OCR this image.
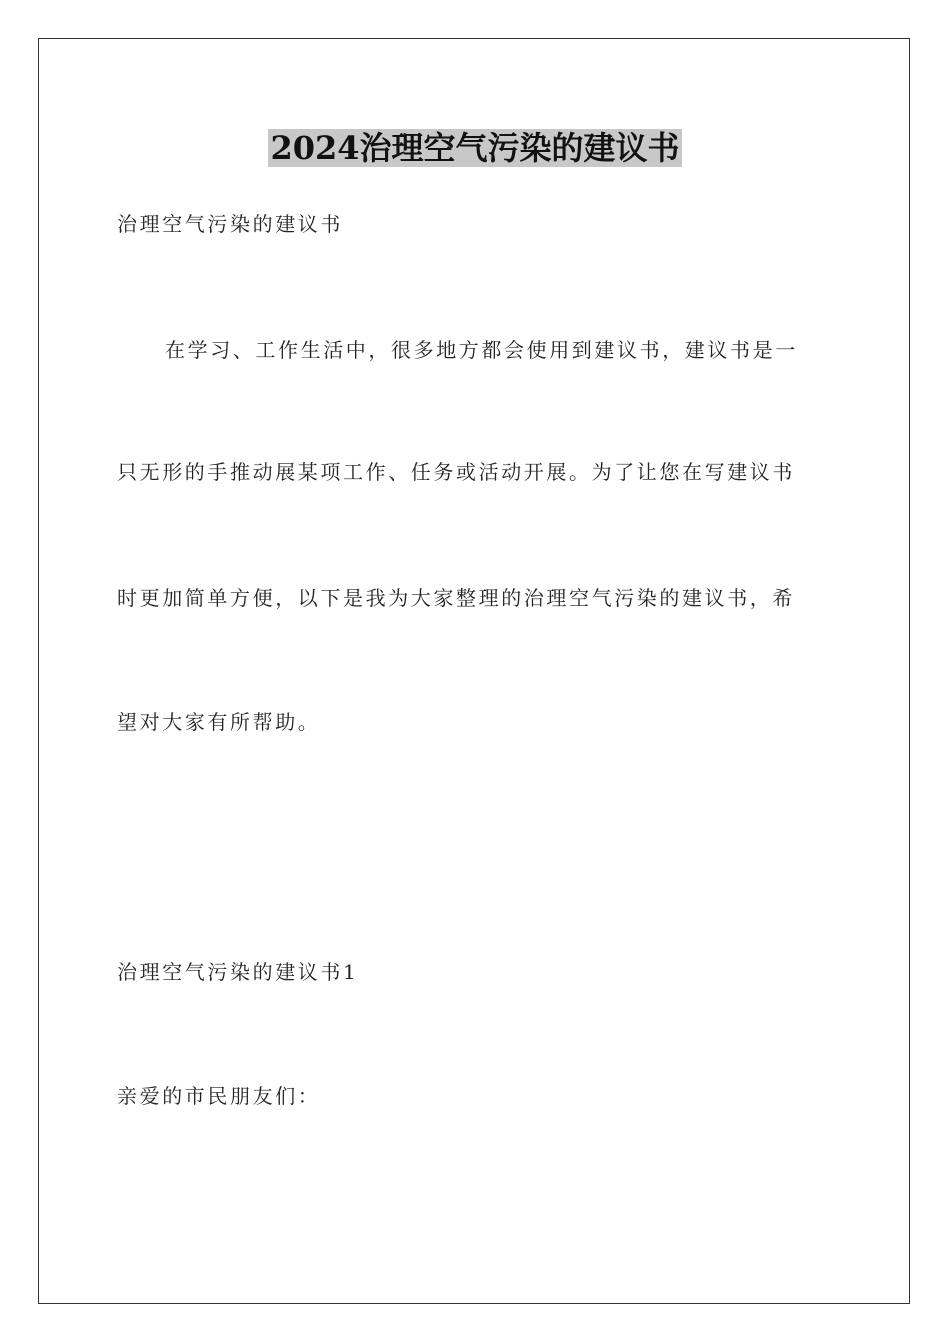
2024治理空气污染的建议书

治理空气污染的建议书

在学习、工作生活中，很多地方都会使用到建议书，建议书是一

只无形的手推动展某项工作、任务或活动开展。为了让您在写建议书

时更加简单方便，以下是我为大家整理的治理空气污染的建议书，希

望对大家有所帮助。

治理空气污染的建议书1

亲爱的市民朋友们：
